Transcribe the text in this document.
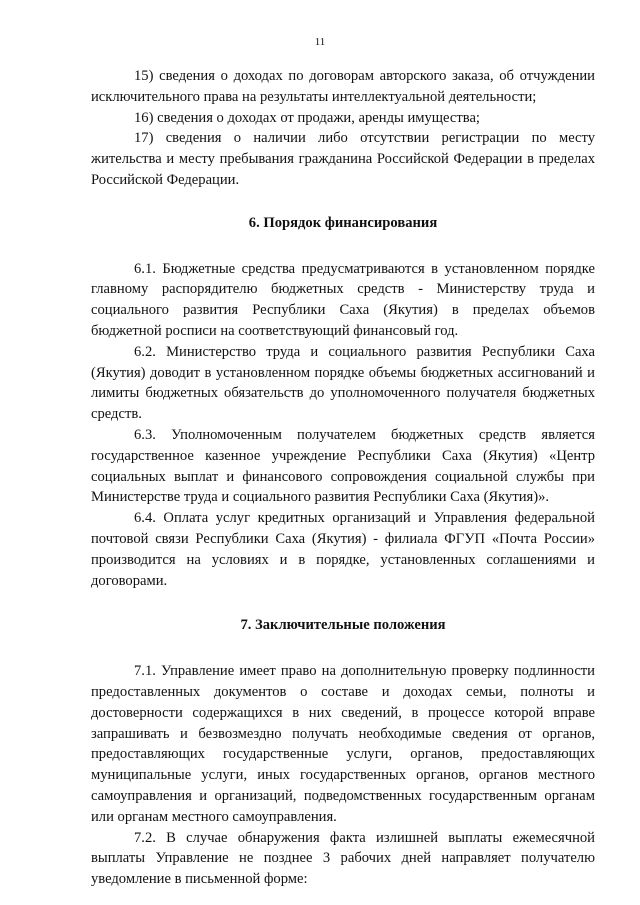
11

15) сведения о доходах по договорам авторского заказа, об отчуждении исключительного права на результаты интеллектуальной деятельности;

16) сведения о доходах от продажи, аренды имущества;

17) сведения о наличии либо отсутствии регистрации по месту жительства и месту пребывания гражданина Российской Федерации в пределах Российской Федерации.

6. Порядок финансирования

6.1. Бюджетные средства предусматриваются в установленном порядке главному распорядителю бюджетных средств - Министерству труда и социального развития Республики Саха (Якутия) в пределах объемов бюджетной росписи на соответствующий финансовый год.

6.2. Министерство труда и социального развития Республики Саха (Якутия) доводит в установленном порядке объемы бюджетных ассигнований и лимиты бюджетных обязательств до уполномоченного получателя бюджетных средств.

6.3. Уполномоченным получателем бюджетных средств является государственное казенное учреждение Республики Саха (Якутия) «Центр социальных выплат и финансового сопровождения социальной службы при Министерстве труда и социального развития Республики Саха (Якутия)».

6.4. Оплата услуг кредитных организаций и Управления федеральной почтовой связи Республики Саха (Якутия) - филиала ФГУП «Почта России» производится на условиях и в порядке, установленных соглашениями и договорами.

7. Заключительные положения

7.1. Управление имеет право на дополнительную проверку подлинности предоставленных документов о составе и доходах семьи, полноты и достоверности содержащихся в них сведений, в процессе которой вправе запрашивать и безвозмездно получать необходимые сведения от органов, предоставляющих государственные услуги, органов, предоставляющих муниципальные услуги, иных государственных органов, органов местного самоуправления и организаций, подведомственных государственным органам или органам местного самоуправления.

7.2. В случае обнаружения факта излишней выплаты ежемесячной выплаты Управление не позднее 3 рабочих дней направляет получателю уведомление в письменной форме:
